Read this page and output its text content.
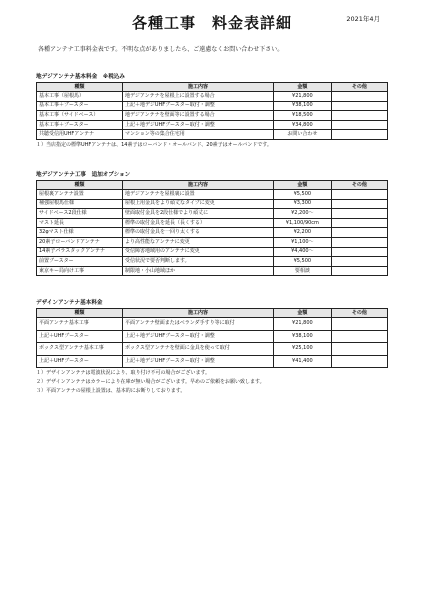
各種工事　料金表詳細	2021年4月
各種アンテナ工事料金表です。不明な点がありましたら、ご遠慮なくお問い合わせ下さい。
地デジアンテナ基本料金　※税込み
種類	施工内容	金額	その他
基本工事（屋根馬）	地デジアンテナを屋根上に設置する場合	¥21,800	
基本工事＋ブースター	上記＋地デジUHFブースター取付・調整	¥38,100	
基本工事（サイドベース）	地デジアンテナを壁面等に設置する場合	¥18,500	
基本工事＋ブースター	上記＋地デジUHFブースター取付・調整	¥34,800	
共聴受信用UHFアンテナ	マンション等の集合住宅用	お問い合わせ	
１）当店指定の標準UHFアンテナは、14素子はローバンド・オールバンド、20素子はオールバンドです。
地デジアンテナ工事　追加オプション
種類	施工内容	金額	その他
屋根裏アンテナ設置	地デジアンテナを屋根裏に設置	¥5,500	
補強屋根馬仕様	屋根上用金具をより頑丈なタイプに変更	¥3,300	
サイドベース2段仕様	壁面取付金具を2段仕様でより頑丈に	¥2,200～	
マスト延長	標準の取付金具を延長（長くする）	¥1,100/90cm	
32φマスト仕様	標準の取付金具を一回り太くする	¥2,200	
20素子ローバンドアンテナ	より高性能なアンテナに変更	¥1,100～	
14素子パラスタックアンテナ	受信障害地域用のアンテナに変更	¥4,400～	
前置ブースター	受信状況で要否判断します。	¥5,500	
東京キー局向け工事	制限地・小山地域ほか	要相談	
デザインアンテナ基本料金
種類	施工内容	金額	その他
平面アンテナ基本工事	平面アンテナ壁面またはベランダ手すり等に取付	¥21,800	
上記＋UHFブースター	上記＋地デジUHFブースター取付・調整	¥38,100	
ボックス型アンテナ基本工事	ボックス型アンテナを壁面に金具を使って取付	¥25,100	
上記＋UHFブースター	上記＋地デジUHFブースター取付・調整	¥41,400	
１）デザインアンテナは電波状況により、取り付け不可の場合がございます。
２）デザインアンテナはカラーにより在庫が無い場合がございます。早めのご依頼をお願い致します。
３）平面アンテナの屋根上設置は、基本的にお断りしております。
